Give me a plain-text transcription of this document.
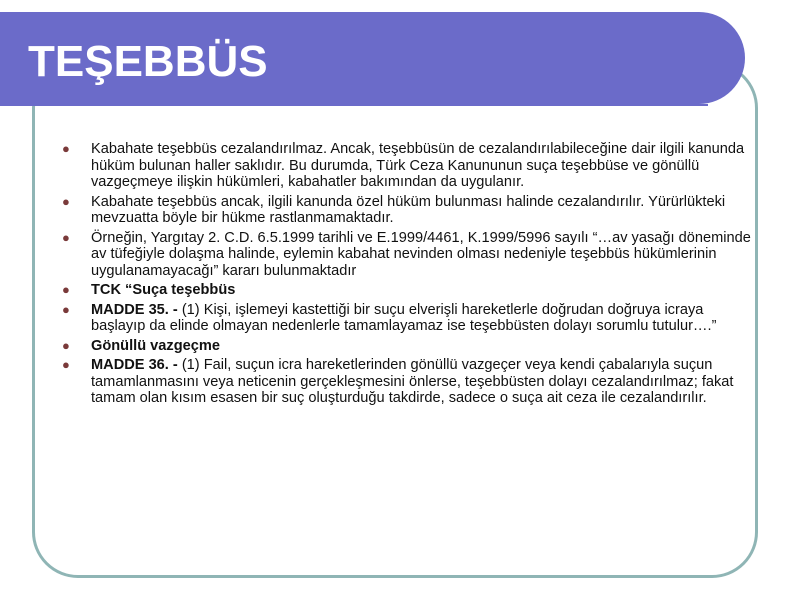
TEŞEBBÜS
● Kabahate teşebbüs cezalandırılmaz. Ancak, teşebbüsün de cezalandırılabileceğine dair ilgili kanunda hüküm bulunan haller saklıdır. Bu durumda, Türk Ceza Kanununun suça teşebbüse ve gönüllü vazgeçmeye ilişkin hükümleri, kabahatler bakımından da uygulanır.
● Kabahate teşebbüs ancak, ilgili kanunda özel hüküm bulunması halinde cezalandırılır. Yürürlükteki mevzuatta böyle bir hükme rastlanmamaktadır.
● Örneğin, Yargıtay 2. C.D. 6.5.1999 tarihli ve E.1999/4461, K.1999/5996 sayılı “…av yasağı döneminde av tüfeğiyle dolaşma halinde, eylemin kabahat nevinden olması nedeniyle teşebbüs hükümlerinin uygulanamayacağı” kararı bulunmaktadır
● TCK “Suça teşebbüs
● MADDE 35. - (1) Kişi, işlemeyi kastettiği bir suçu elverişli hareketlerle doğrudan doğruya icraya başlayıp da elinde olmayan nedenlerle tamamlayamaz ise teşebbüsten dolayı sorumlu tutulur….”
● Gönüllü vazgeçme
● MADDE 36. - (1) Fail, suçun icra hareketlerinden gönüllü vazgeçer veya kendi çabalarıyla suçun tamamlanmasını veya neticenin gerçekleşmesini önlerse, teşebbüsten dolayı cezalandırılmaz; fakat tamam olan kısım esasen bir suç oluşturduğu takdirde, sadece o suça ait ceza ile cezalandırılır.
